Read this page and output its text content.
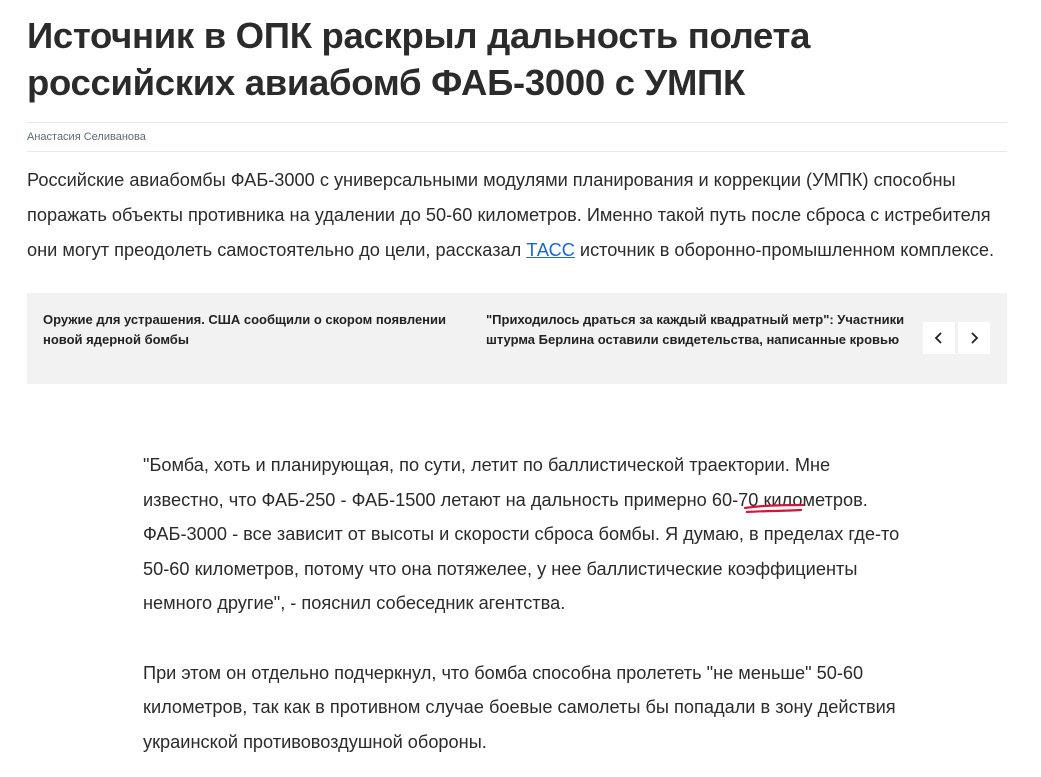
Источник в ОПК раскрыл дальность полета российских авиабомб ФАБ-3000 с УМПК
Анастасия Селиванова

Российские авиабомбы ФАБ-3000 с универсальными модулями планирования и коррекции (УМПК) способны поражать объекты противника на удалении до 50-60 километров. Именно такой путь после сброса с истребителя они могут преодолеть самостоятельно до цели, рассказал ТАСС источник в оборонно-промышленном комплексе.

Оружие для устрашения. США сообщили о скором появлении новой ядерной бомбы
"Приходилось драться за каждый квадратный метр": Участники штурма Берлина оставили свидетельства, написанные кровью

"Бомба, хоть и планирующая, по сути, летит по баллистической траектории. Мне известно, что ФАБ-250 - ФАБ-1500 летают на дальность примерно 60-70 километров. ФАБ-3000 - все зависит от высоты и скорости сброса бомбы. Я думаю, в пределах где-то 50-60 километров, потому что она потяжелее, у нее баллистические коэффициенты немного другие", - пояснил собеседник агентства.

При этом он отдельно подчеркнул, что бомба способна пролететь "не меньше" 50-60 километров, так как в противном случае боевые самолеты бы попадали в зону действия украинской противовоздушной обороны.
